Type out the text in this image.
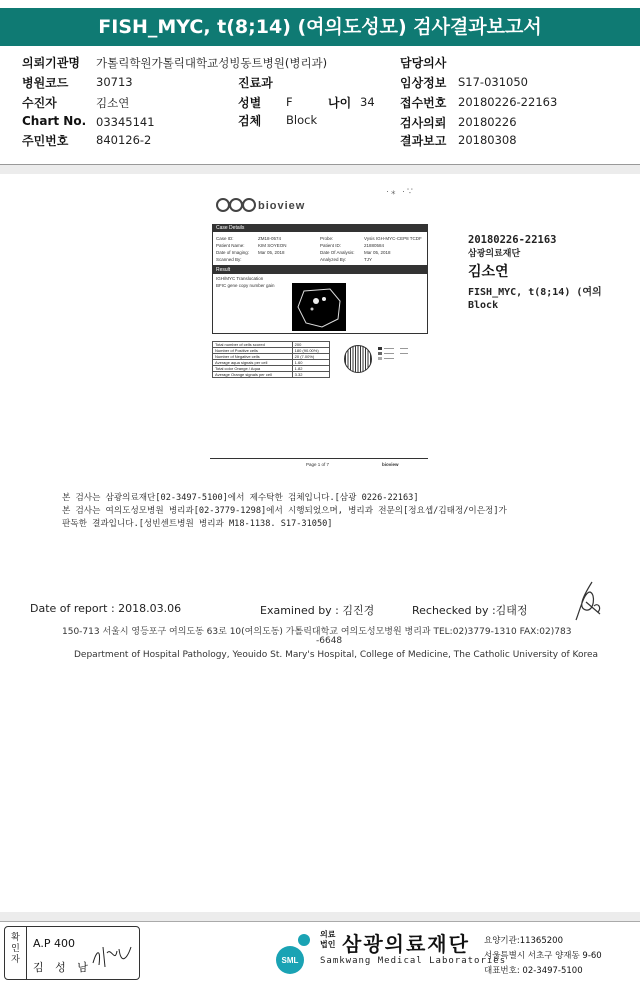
FISH_MYC, t(8;14) (여의도성모) 검사결과보고서
의뢰기관명 가톨릭학원가톨릭대학교성빙동트병원(병리과)	담당의사
병원코드 30713	진료과	임상정보 S17-031050
수진자	김소연	성별 F	나이 34 접수번호 20180226-22163
Chart No. 03345141	검체 Block	검사의뢰 20180226
주민번호 840126-2	결과보고 20180308
·⁎ ·∵
bioview
Case Details
Case ID:	ZM18-0574	Probe:	Vysis IGH-MYC-CEP8 TCDF
Patient Name:	KIM SOYEON	Patient ID:	21880584
Date of Imaging: Mar 05, 2018	Date Of Analysis: Mar 05, 2018
Scanned By:	Analyzed By:	TJY
Result
IGH/MYC Translocation
BFIC gene copy number gain
Total number of cells scored	200
Number of Positive cells	180 (90.00%)
Number of Negative cells	20 (7.00%)
Average aqua signals per cell	1.60
Total color Orange / Aqua	1.82
Average Orange signals per cell	3.32
Page 1 of 7	bioview
20180226-22163
삼광의료재단
김소연
FISH_MYC, t(8;14) (여의
Block
본 검사는 삼광의료재단[02-3497-5100]에서 제수탁한 검체입니다.[삼광 0226-22163]
본 검사는 여의도성모병원 병리과[02-3779-1298]에서 시행되었으며, 병리과 전문의[정요셉/김태정/이은정]가
판독한 결과입니다.[성빈센트병원 병리과 M18-1138. S17-31050]
Date of report : 2018.03.06	Examined by : 김진경	Rechecked by :김태정
150-713 서울시 영등포구 여의도동 63로 10(여의도동) 가톨릭대학교 여의도성모병원 병리과 TEL:02)3779-1310 FAX:02)783
-6648
Department of Hospital Pathology, Yeouido St. Mary's Hospital, College of Medicine, The Catholic University of Korea
확인자
A.P 400
김 성 남
SML
의료법인 삼광의료재단
Samkwang Medical Laboratories
요양기관:11365200
서울특별시 서초구 양재동 9-60
대표번호: 02-3497-5100
